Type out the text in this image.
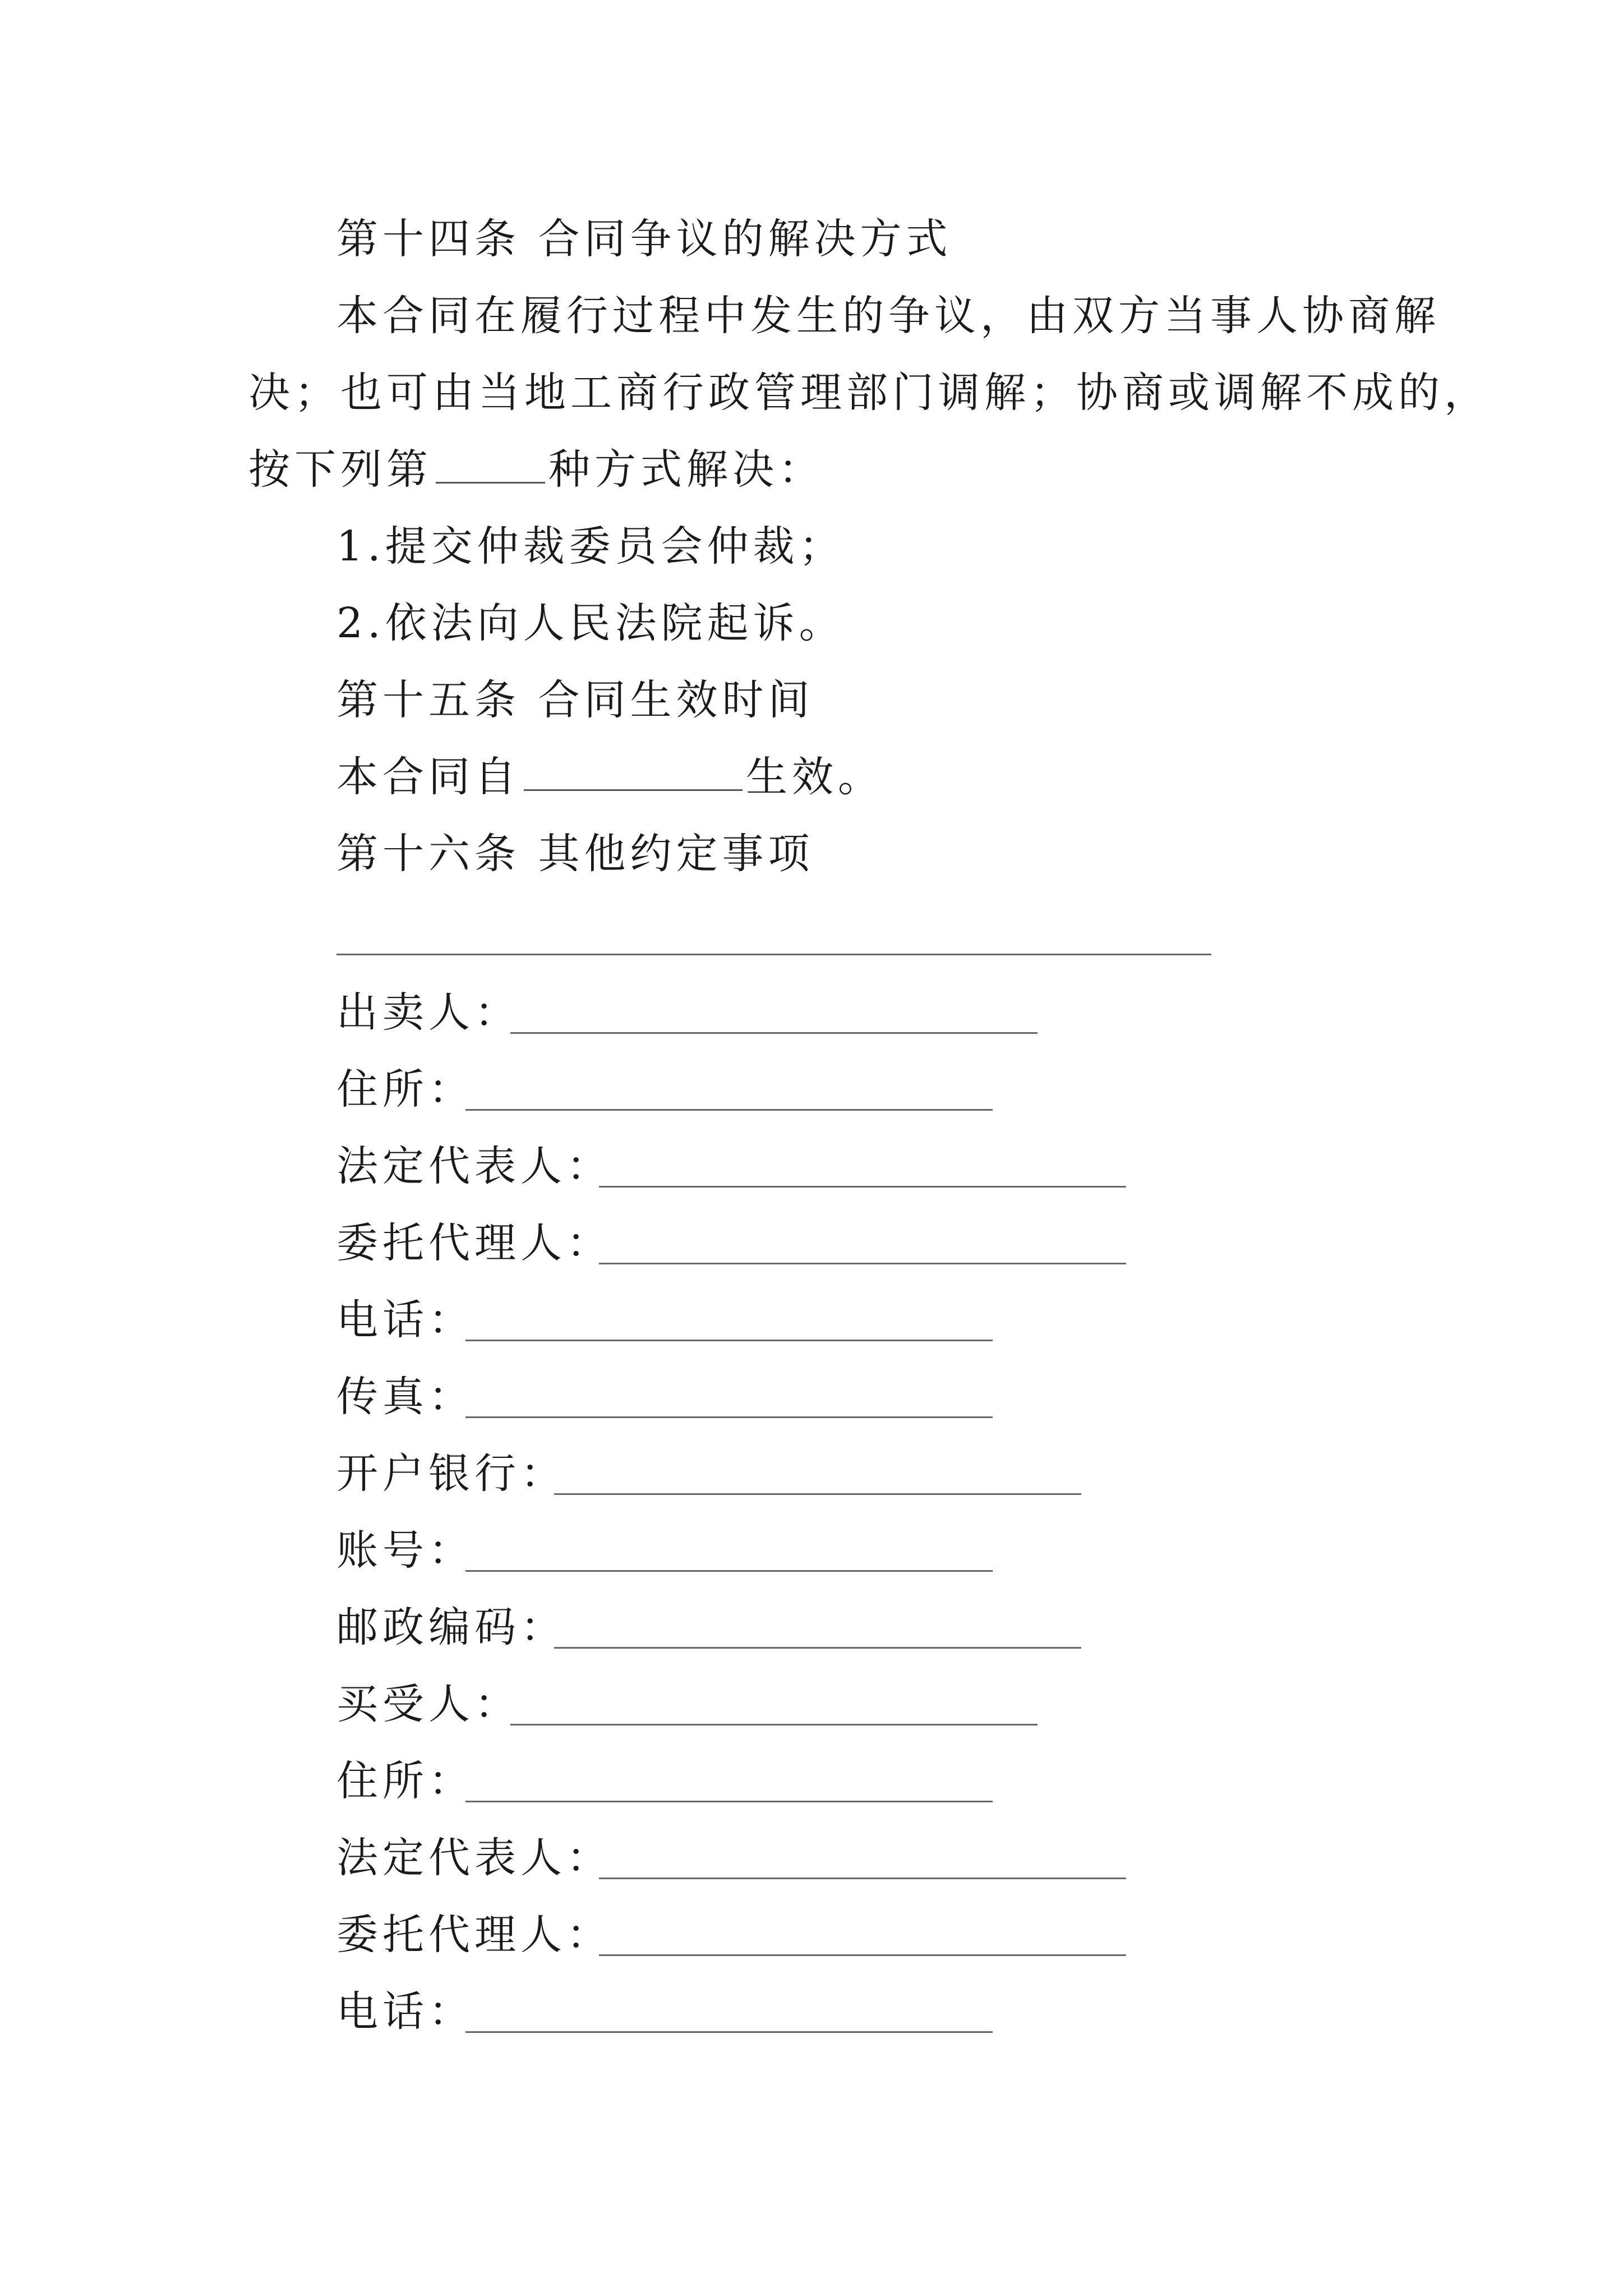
第十四条 合同争议的解决方式
本合同在履行过程中发生的争议，由双方当事人协商解
决；也可由当地工商行政管理部门调解；协商或调解不成的，
按下列第	种方式解决：
1.提交仲裁委员会仲裁；
2.依法向人民法院起诉。
第十五条 合同生效时间
本合同自	生效。
第十六条 其他约定事项
出卖人：
住所：
法定代表人：
委托代理人：
电话：
传真：
开户银行：
账号：
邮政编码：
买受人：
住所：
法定代表人：
委托代理人：
电话：
